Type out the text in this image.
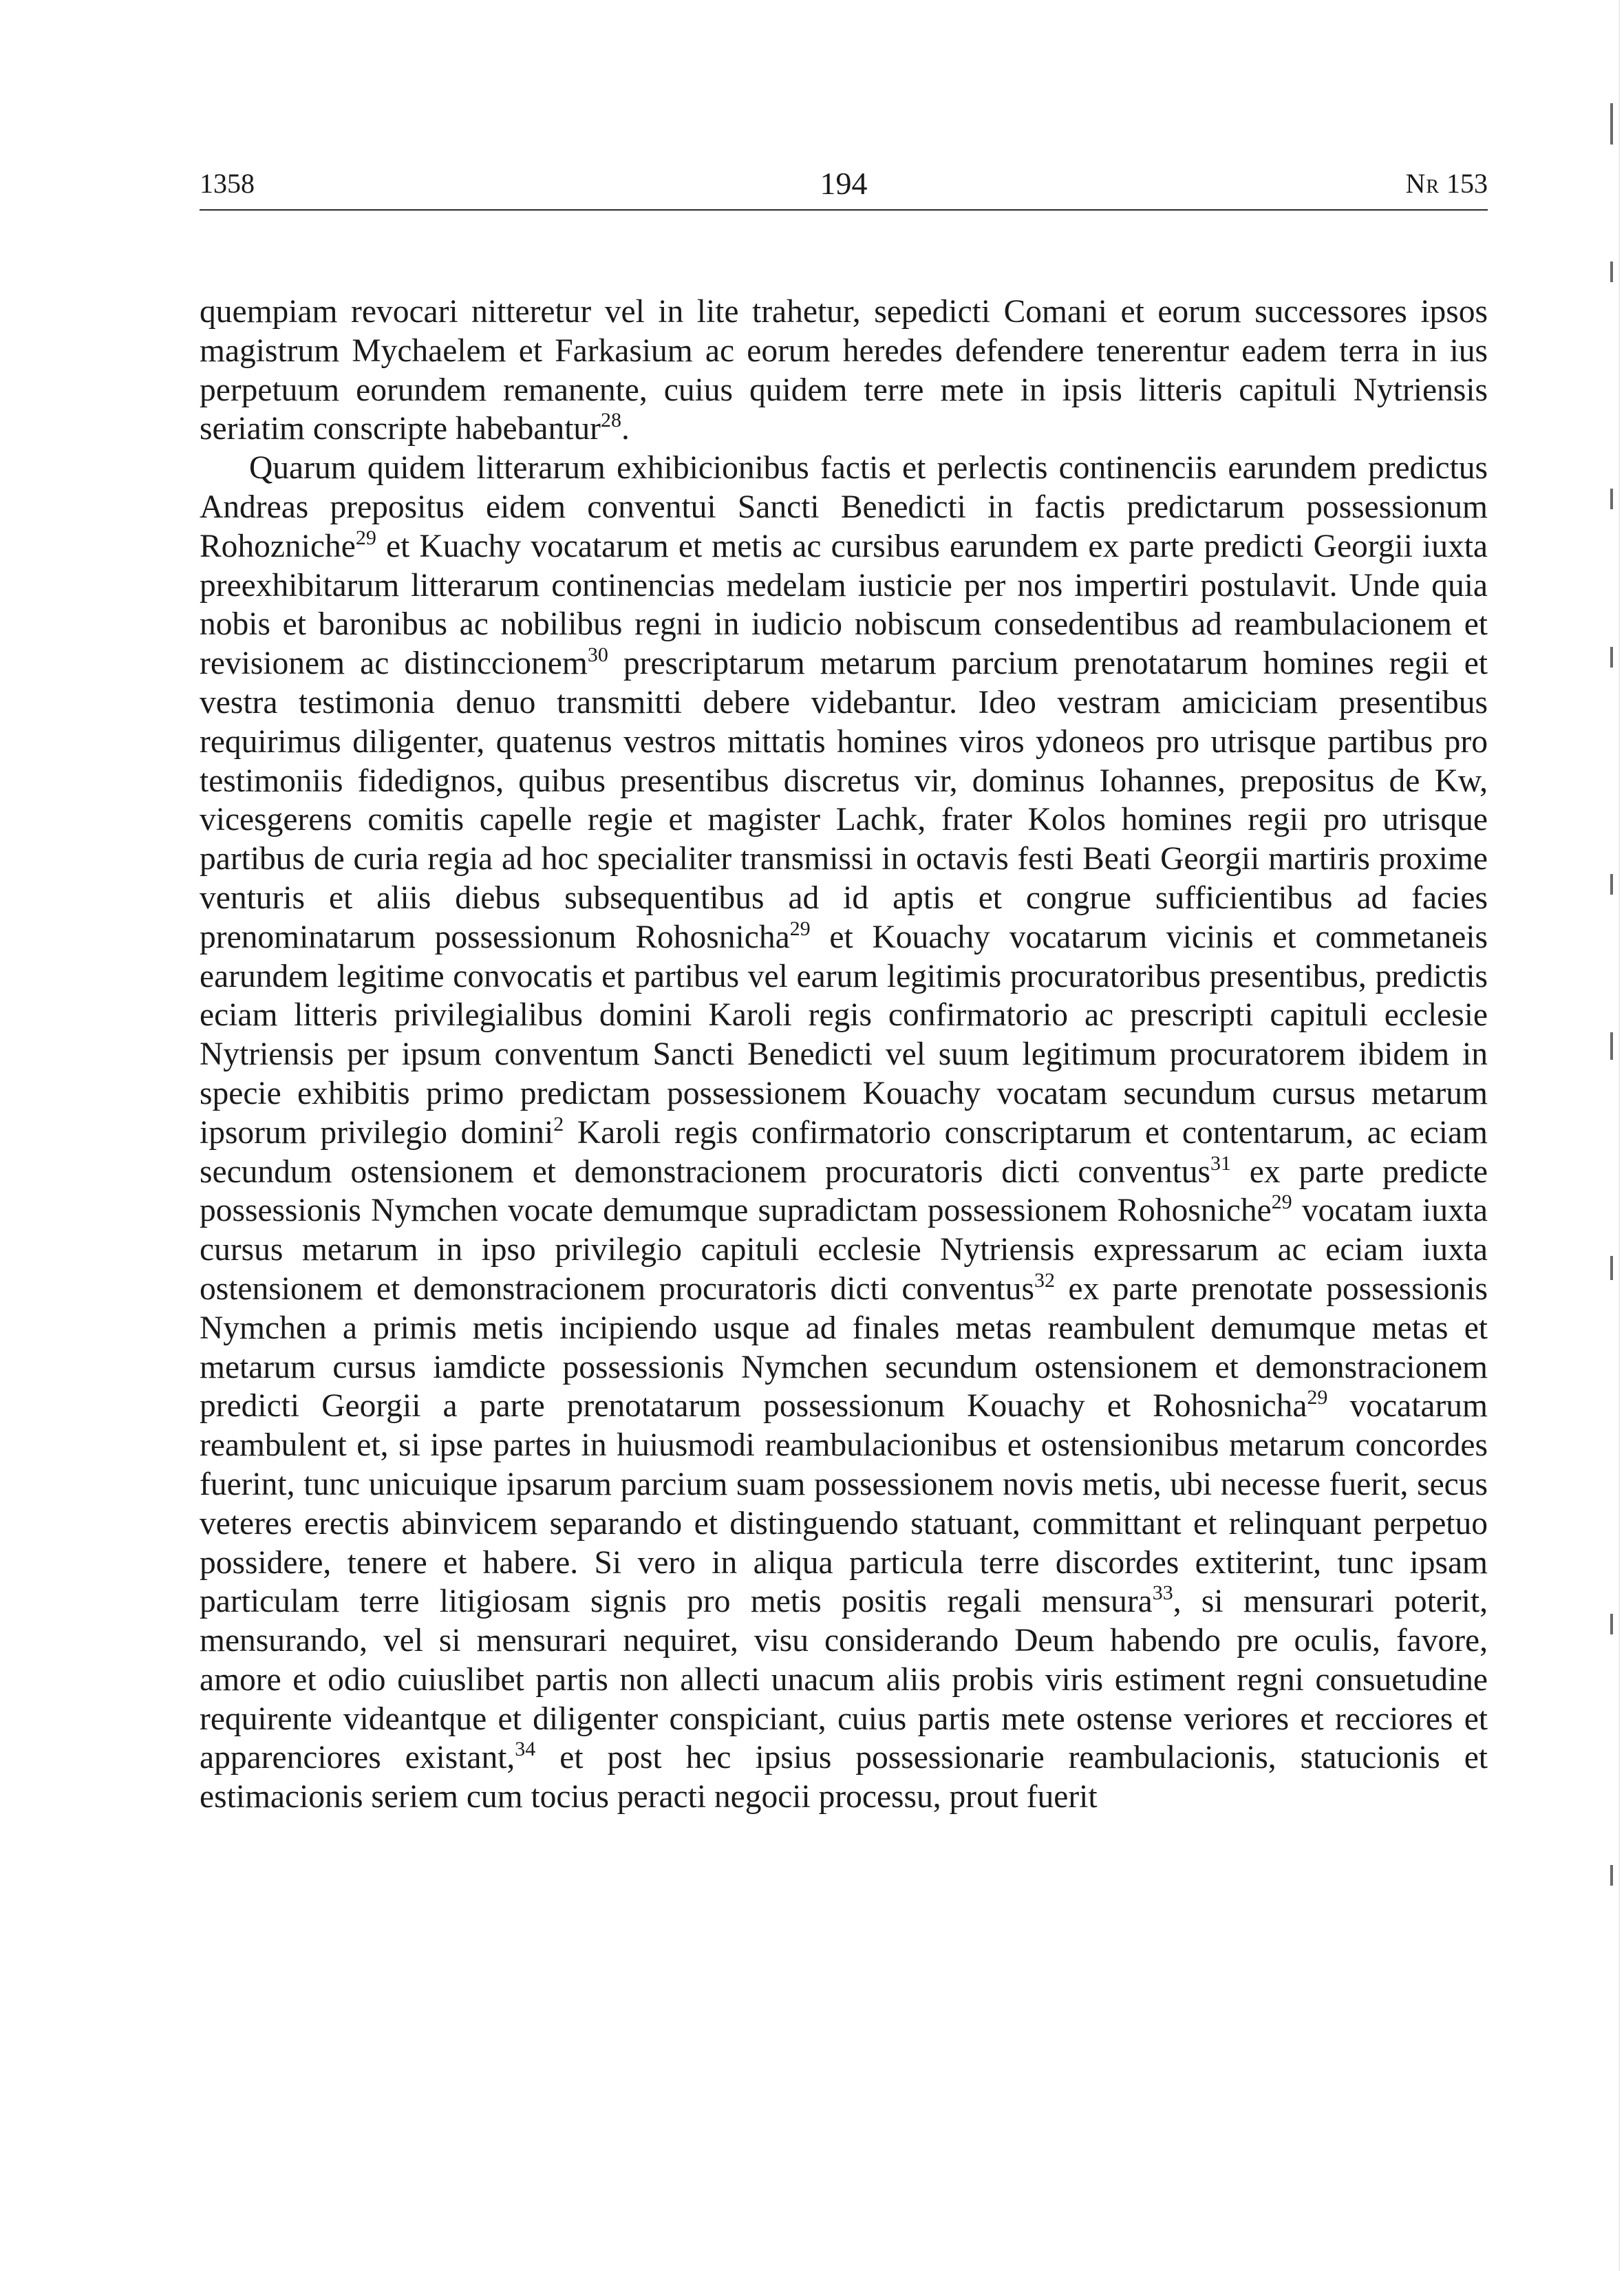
1358	194	Nr 153

quempiam revocari nitteretur vel in lite trahetur, sepedicti Comani et eorum successores ipsos magistrum Mychaelem et Farkasium ac eorum heredes defendere tenerentur eadem terra in ius perpetuum eorundem remanente, cuius quidem terre mete in ipsis litteris capituli Nytriensis seriatim conscripte habebantur$^{28}$.

Quarum quidem litterarum exhibicionibus factis et perlectis continenciis earundem predictus Andreas prepositus eidem conventui Sancti Benedicti in factis predictarum possessionum Rohozniche$^{29}$ et Kuachy vocatarum et metis ac cursibus earundem ex parte predicti Georgii iuxta preexhibitarum litterarum continencias medelam iusticie per nos impertiri postulavit. Unde quia nobis et baronibus ac nobilibus regni in iudicio nobiscum consedentibus ad reambulacionem et revisionem ac distinccionem$^{30}$ prescriptarum metarum parcium prenotatarum homines regii et vestra testimonia denuo transmitti debere videbantur. Ideo vestram amiciciam presentibus requirimus diligenter, quatenus vestros mittatis homines viros ydoneos pro utrisque partibus pro testimoniis fidedignos, quibus presentibus discretus vir, dominus Iohannes, prepositus de Kw, vicesgerens comitis capelle regie et magister Lachk, frater Kolos homines regii pro utrisque partibus de curia regia ad hoc specialiter transmissi in octavis festi Beati Georgii martiris proxime venturis et aliis diebus subsequentibus ad id aptis et congrue sufficientibus ad facies prenominatarum possessionum Rohosnicha$^{29}$ et Kouachy vocatarum vicinis et commetaneis earundem legitime convocatis et partibus vel earum legitimis procuratoribus presentibus, predictis eciam litteris privilegialibus domini Karoli regis confirmatorio ac prescripti capituli ecclesie Nytriensis per ipsum conventum Sancti Benedicti vel suum legitimum procuratorem ibidem in specie exhibitis primo predictam possessionem Kouachy vocatam secundum cursus metarum ipsorum privilegio domini$^2$ Karoli regis confirmatorio conscriptarum et contentarum, ac eciam secundum ostensionem et demonstracionem procuratoris dicti conventus$^{31}$ ex parte predicte possessionis Nymchen vocate demumque supradictam possessionem Rohosniche$^{29}$ vocatam iuxta cursus metarum in ipso privilegio capituli ecclesie Nytriensis expressarum ac eciam iuxta ostensionem et demonstracionem procuratoris dicti conventus$^{32}$ ex parte prenotate possessionis Nymchen a primis metis incipiendo usque ad finales metas reambulent demumque metas et metarum cursus iamdicte possessionis Nymchen secundum ostensionem et demonstracionem predicti Georgii a parte prenotatarum possessionum Kouachy et Rohosnicha$^{29}$ vocatarum reambulent et, si ipse partes in huiusmodi reambulacionibus et ostensionibus metarum concordes fuerint, tunc unicuique ipsarum parcium suam possessionem novis metis, ubi necesse fuerit, secus veteres erectis abinvicem separando et distinguendo statuant, committant et relinquant perpetuo possidere, tenere et habere. Si vero in aliqua particula terre discordes extiterint, tunc ipsam particulam terre litigiosam signis pro metis positis regali mensura$^{33}$, si mensurari poterit, mensurando, vel si mensurari nequiret, visu considerando Deum habendo pre oculis, favore, amore et odio cuiuslibet partis non allecti unacum aliis probis viris estiment regni consuetudine requirente videantque et diligenter conspiciant, cuius partis mete ostense veriores et recciores et apparenciores existant,$^{34}$ et post hec ipsius possessionarie reambulacionis, statucionis et estimacionis seriem cum tocius peracti negocii processu, prout fuerit
